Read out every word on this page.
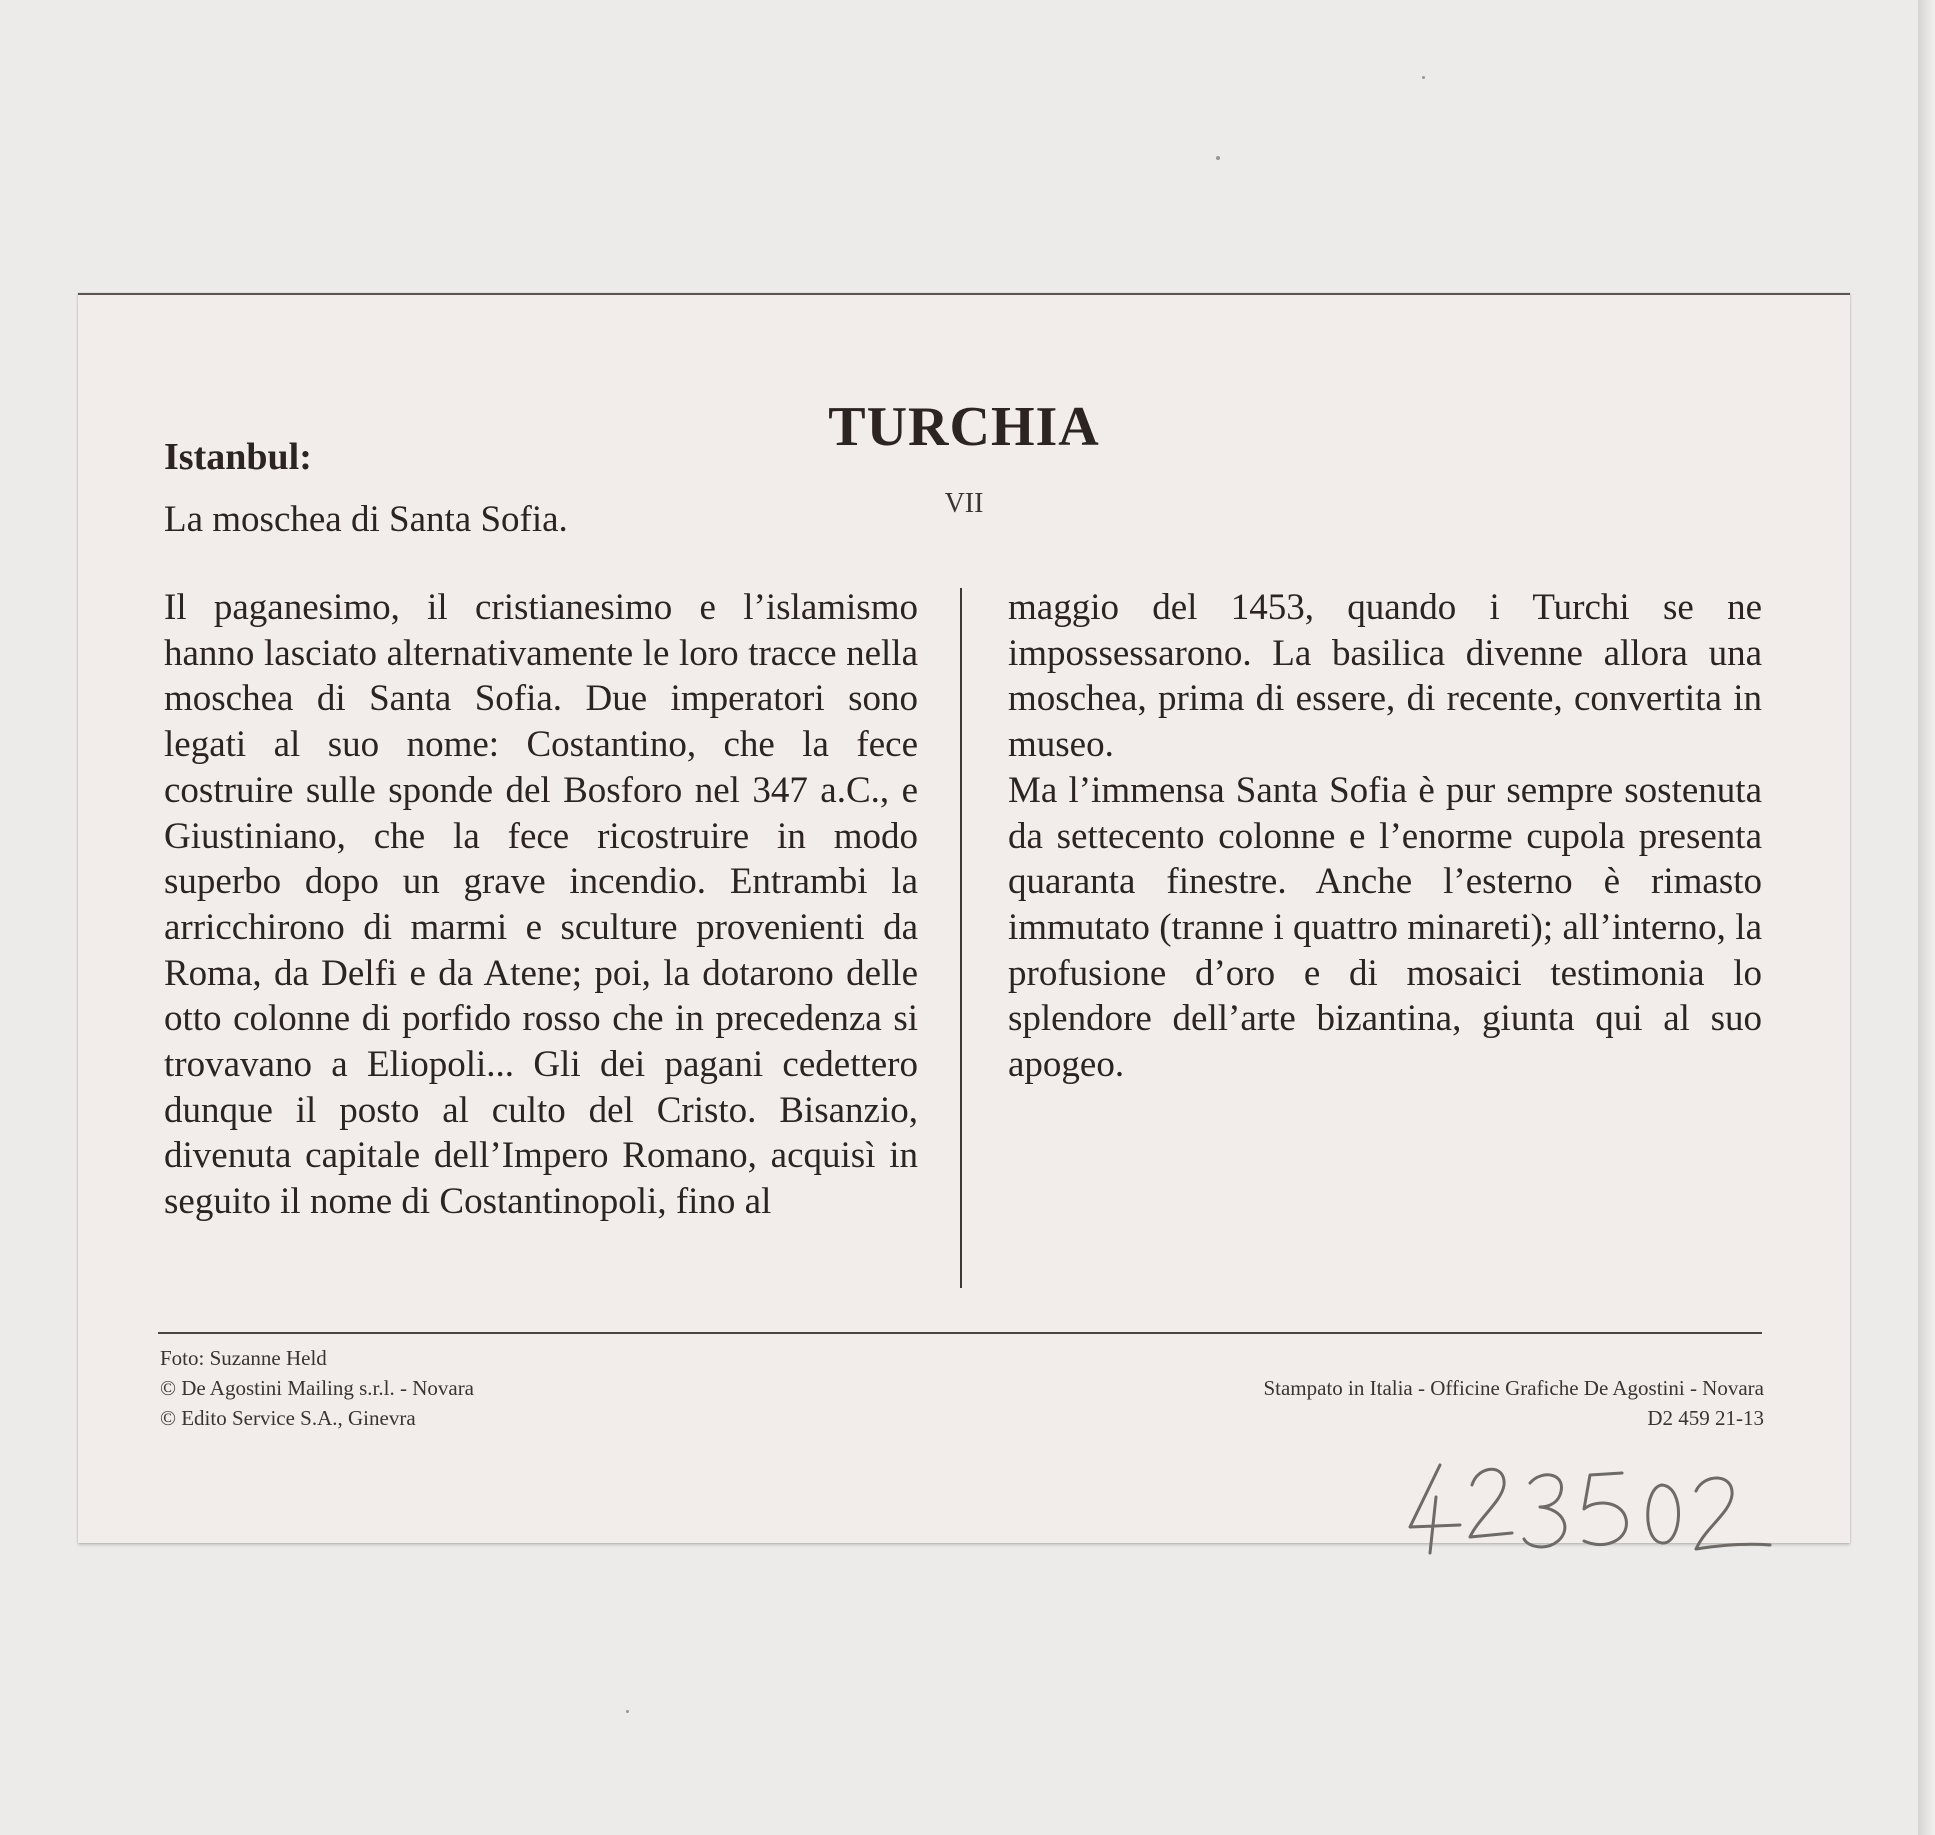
TURCHIA
VII
Istanbul:

La moschea di Santa Sofia.

Il paganesimo, il cristianesimo e l’islamismo hanno lasciato alternativamente le loro tracce nella moschea di Santa Sofia. Due imperatori sono legati al suo nome: Costantino, che la fece costruire sulle sponde del Bosforo nel 347 a.C., e Giustiniano, che la fece ricostruire in modo superbo dopo un grave incendio. Entrambi la arricchirono di marmi e sculture provenienti da Roma, da Delfi e da Atene; poi, la dotarono delle otto colonne di porfido rosso che in precedenza si trovavano a Eliopoli... Gli dei pagani cedettero dunque il posto al culto del Cristo. Bisanzio, divenuta capitale dell’Impero Romano, acquisì in seguito il nome di Costantinopoli, fino al
maggio del 1453, quando i Turchi se ne impossessarono. La basilica divenne allora una moschea, prima di essere, di recente, convertita in museo.
Ma l’immensa Santa Sofia è pur sempre sostenuta da settecento colonne e l’enorme cupola presenta quaranta finestre. Anche l’esterno è rimasto immutato (tranne i quattro minareti); all’interno, la profusione d’oro e di mosaici testimonia lo splendore dell’arte bizantina, giunta qui al suo apogeo.
Foto: Suzanne Held
© De Agostini Mailing s.r.l. - Novara
© Edito Service S.A., Ginevra
Stampato in Italia - Officine Grafiche De Agostini - Novara
D2 459 21-13
